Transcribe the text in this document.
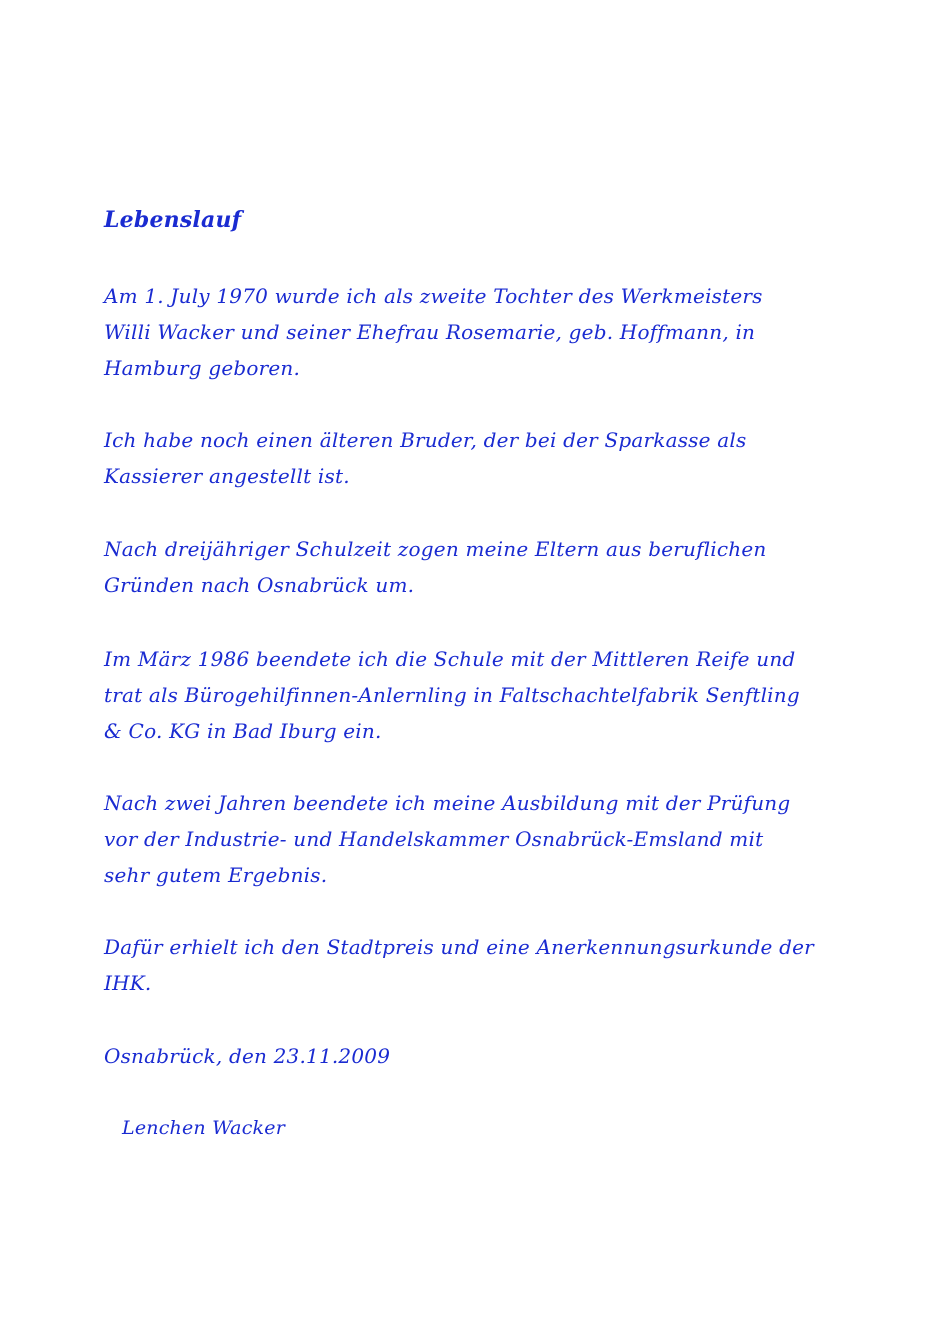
Lebenslauf
Am 1. July 1970 wurde ich als zweite Tochter des Werkmeisters
Willi Wacker und seiner Ehefrau Rosemarie, geb. Hoffmann, in
Hamburg geboren.
Ich habe noch einen älteren Bruder, der bei der Sparkasse als
Kassierer angestellt ist.
Nach dreijähriger Schulzeit zogen meine Eltern aus beruflichen
Gründen nach Osnabrück um.
Im März 1986 beendete ich die Schule mit der Mittleren Reife und
trat als Bürogehilfinnen-Anlernling in Faltschachtelfabrik Senftling
& Co. KG in Bad Iburg ein.
Nach zwei Jahren beendete ich meine Ausbildung mit der Prüfung
vor der Industrie- und Handelskammer Osnabrück-Emsland mit
sehr gutem Ergebnis.
Dafür erhielt ich den Stadtpreis und eine Anerkennungsurkunde der
IHK.

Osnabrück, den 23.11.2009

Lenchen Wacker
